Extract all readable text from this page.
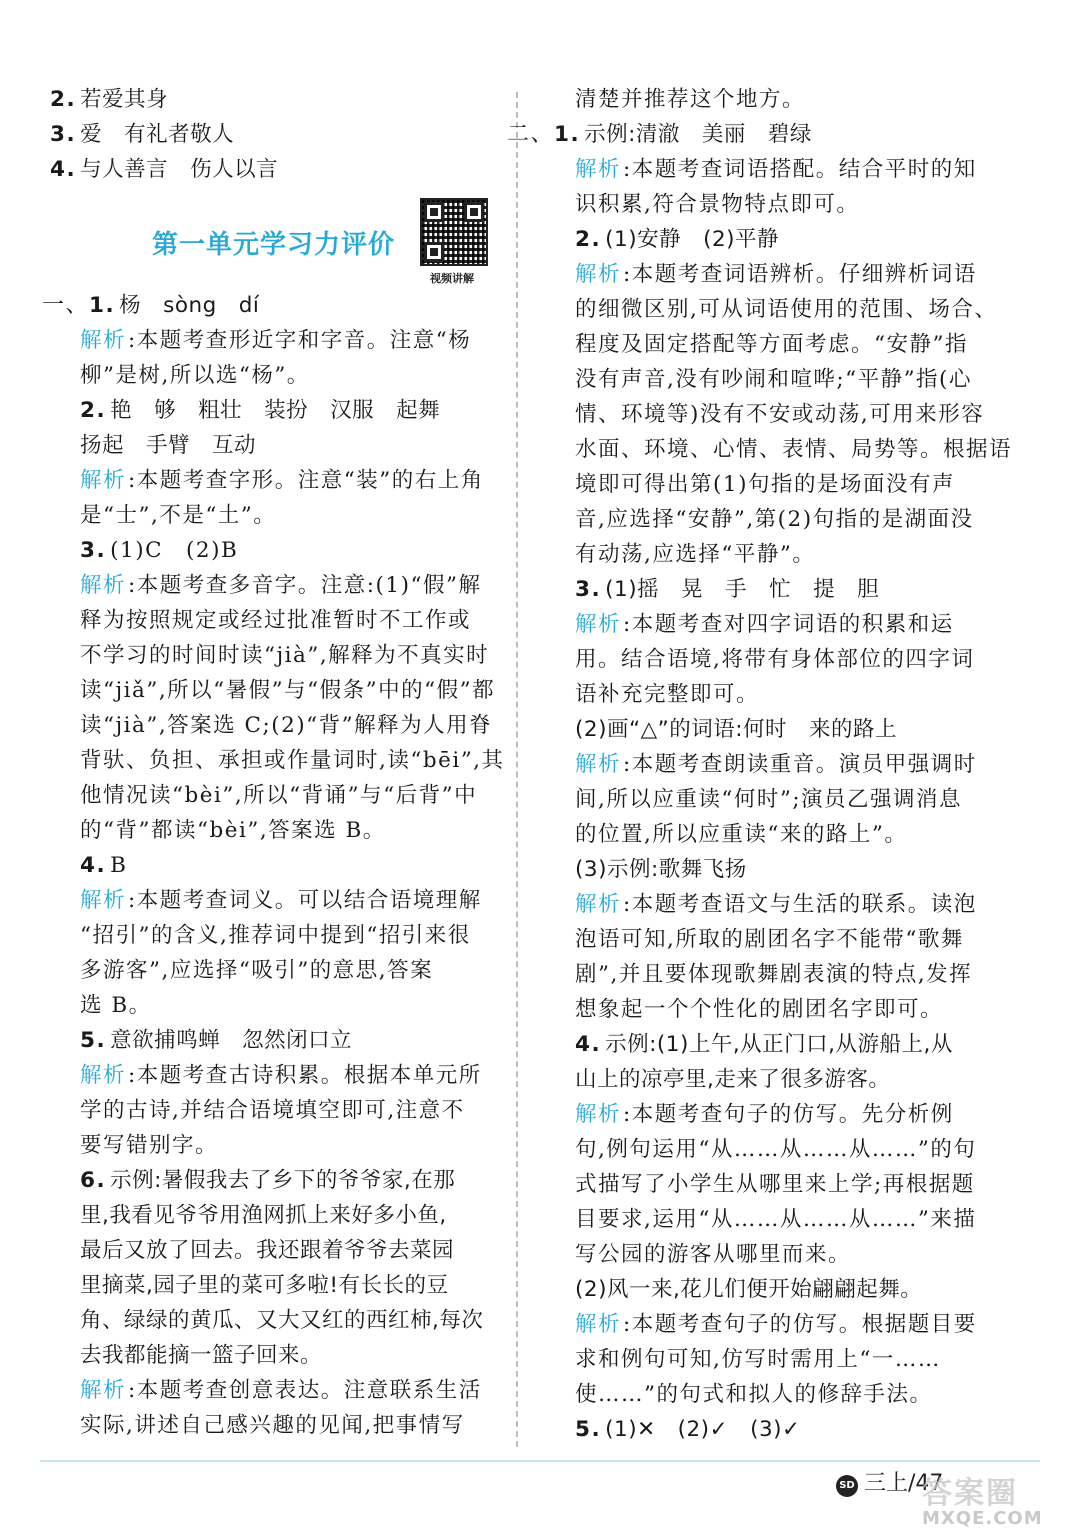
2. 若爱其身
3. 爱　有礼者敬人
4. 与人善言　伤人以言
第一单元学习力评价
视频讲解
一、1. 杨　sòng　dí
解析:本题考查形近字和字音。注意“杨
柳”是树,所以选“杨”。
2. 艳　够　粗壮　装扮　汉服　起舞
扬起　手臂　互动
解析:本题考查字形。注意“装”的右上角
是“士”,不是“土”。
3. (1)C　(2)B
解析:本题考查多音字。注意:(1)“假”解
释为按照规定或经过批准暂时不工作或
不学习的时间时读“jià”,解释为不真实时
读“jiǎ”,所以“暑假”与“假条”中的“假”都
读“jià”,答案选 C;(2)“背”解释为人用脊
背驮、负担、承担或作量词时,读“bēi”,其
他情况读“bèi”,所以“背诵”与“后背”中
的“背”都读“bèi”,答案选 B。
4. B
解析:本题考查词义。可以结合语境理解
“招引”的含义,推荐词中提到“招引来很
多游客”,应选择“吸引”的意思,答案
选 B。
5. 意欲捕鸣蝉　忽然闭口立
解析:本题考查古诗积累。根据本单元所
学的古诗,并结合语境填空即可,注意不
要写错别字。
6. 示例:暑假我去了乡下的爷爷家,在那
里,我看见爷爷用渔网抓上来好多小鱼,
最后又放了回去。我还跟着爷爷去菜园
里摘菜,园子里的菜可多啦!有长长的豆
角、绿绿的黄瓜、又大又红的西红柿,每次
去我都能摘一篮子回来。
解析:本题考查创意表达。注意联系生活
实际,讲述自己感兴趣的见闻,把事情写
清楚并推荐这个地方。
二、1. 示例:清澈　美丽　碧绿
解析:本题考查词语搭配。结合平时的知
识积累,符合景物特点即可。
2. (1)安静　(2)平静
解析:本题考查词语辨析。仔细辨析词语
的细微区别,可从词语使用的范围、场合、
程度及固定搭配等方面考虑。“安静”指
没有声音,没有吵闹和喧哗;“平静”指(心
情、环境等)没有不安或动荡,可用来形容
水面、环境、心情、表情、局势等。根据语
境即可得出第(1)句指的是场面没有声
音,应选择“安静”,第(2)句指的是湖面没
有动荡,应选择“平静”。
3. (1)摇　晃　手　忙　提　胆
解析:本题考查对四字词语的积累和运
用。结合语境,将带有身体部位的四字词
语补充完整即可。
(2)画“△”的词语:何时　来的路上
解析:本题考查朗读重音。演员甲强调时
间,所以应重读“何时”;演员乙强调消息
的位置,所以应重读“来的路上”。
(3)示例:歌舞飞扬
解析:本题考查语文与生活的联系。读泡
泡语可知,所取的剧团名字不能带“歌舞
剧”,并且要体现歌舞剧表演的特点,发挥
想象起一个个性化的剧团名字即可。
4. 示例:(1)上午,从正门口,从游船上,从
山上的凉亭里,走来了很多游客。
解析:本题考查句子的仿写。先分析例
句,例句运用“从……从……从……”的句
式描写了小学生从哪里来上学;再根据题
目要求,运用“从……从……从……”来描
写公园的游客从哪里而来。
(2)风一来,花儿们便开始翩翩起舞。
解析:本题考查句子的仿写。根据题目要
求和例句可知,仿写时需用上“一……
使……”的句式和拟人的修辞手法。
5. (1)✕　(2)✓　(3)✓
SD 三上/47
答案圈
MXQE.COM
